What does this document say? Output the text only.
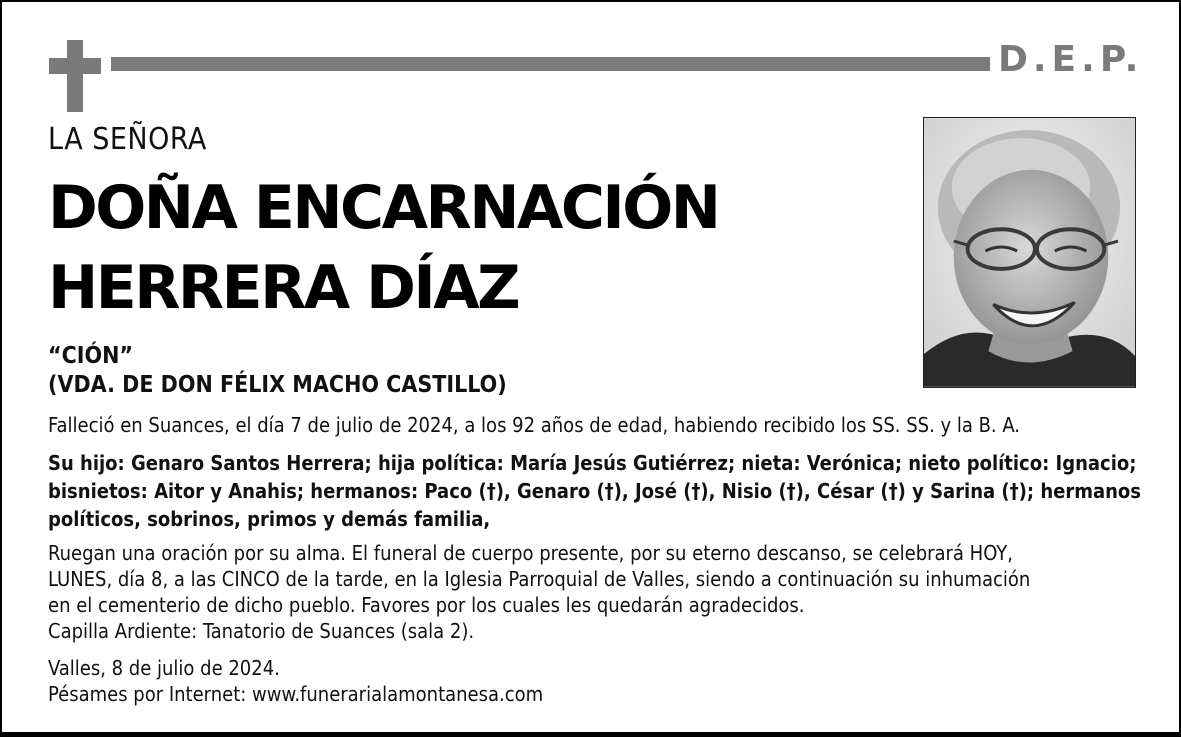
D.E.P.
LA SEÑORA
DOÑA ENCARNACIÓN
HERRERA DÍAZ
“CIÓN”
(VDA. DE DON FÉLIX MACHO CASTILLO)
Falleció en Suances, el día 7 de julio de 2024, a los 92 años de edad, habiendo recibido los SS. SS. y la B. A.

Su hijo: Genaro Santos Herrera; hija política: María Jesús Gutiérrez; nieta: Verónica; nieto político: Ignacio;

bisnietos: Aitor y Anahis; hermanos: Paco (†), Genaro (†), José (†), Nisio (†), César (†) y Sarina (†); hermanos

políticos, sobrinos, primos y demás familia,

Ruegan una oración por su alma. El funeral de cuerpo presente, por su eterno descanso, se celebrará HOY,

LUNES, día 8, a las CINCO de la tarde, en la Iglesia Parroquial de Valles, siendo a continuación su inhumación

en el cementerio de dicho pueblo. Favores por los cuales les quedarán agradecidos.

Capilla Ardiente: Tanatorio de Suances (sala 2).

Valles, 8 de julio de 2024.

Pésames por Internet: www.funerarialamontanesa.com
